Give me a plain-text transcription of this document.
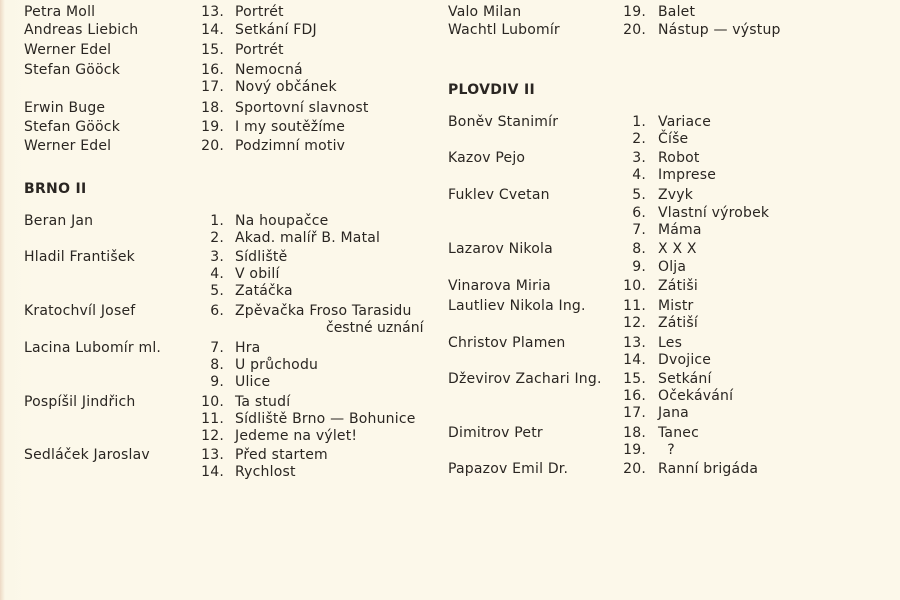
Petra Moll	13. Portrét
Andreas Liebich	14. Setkání FDJ
Werner Edel	15. Portrét
Stefan Gööck	16. Nemocná
17. Nový občánek
Erwin Buge	18. Sportovní slavnost
Stefan Gööck	19. I my soutěžíme
Werner Edel	20. Podzimní motiv
BRNO II
Beran Jan	1. Na houpačce
2. Akad. malíř B. Matal
Hladil František	3. Sídliště
4. V obilí
5. Zatáčka
Kratochvíl Josef	6. Zpěvačka Froso Tarasidu
čestné uznání
Lacina Lubomír ml.	7. Hra
8. U průchodu
9. Ulice
Pospíšil Jindřich	10. Ta studí
11. Sídliště Brno — Bohunice
12. Jedeme na výlet!
Sedláček Jaroslav	13. Před startem
14. Rychlost
Valo Milan	19. Balet
Wachtl Lubomír	20. Nástup — výstup
PLOVDIV II
Boněv Stanimír	1. Variace
2. Číše
Kazov Pejo	3. Robot
4. Imprese
Fuklev Cvetan	5. Zvyk
6. Vlastní výrobek
7. Máma
Lazarov Nikola	8. X X X
9. Olja
Vinarova Miria	10. Zátiši
Lautliev Nikola Ing.	11. Mistr
12. Zátiší
Christov Plamen	13. Les
14. Dvojice
Dževirov Zachari Ing. 15. Setkání
16. Očekávání
17. Jana
Dimitrov Petr	18. Tanec
19. ?
Papazov Emil Dr.	20. Ranní brigáda
